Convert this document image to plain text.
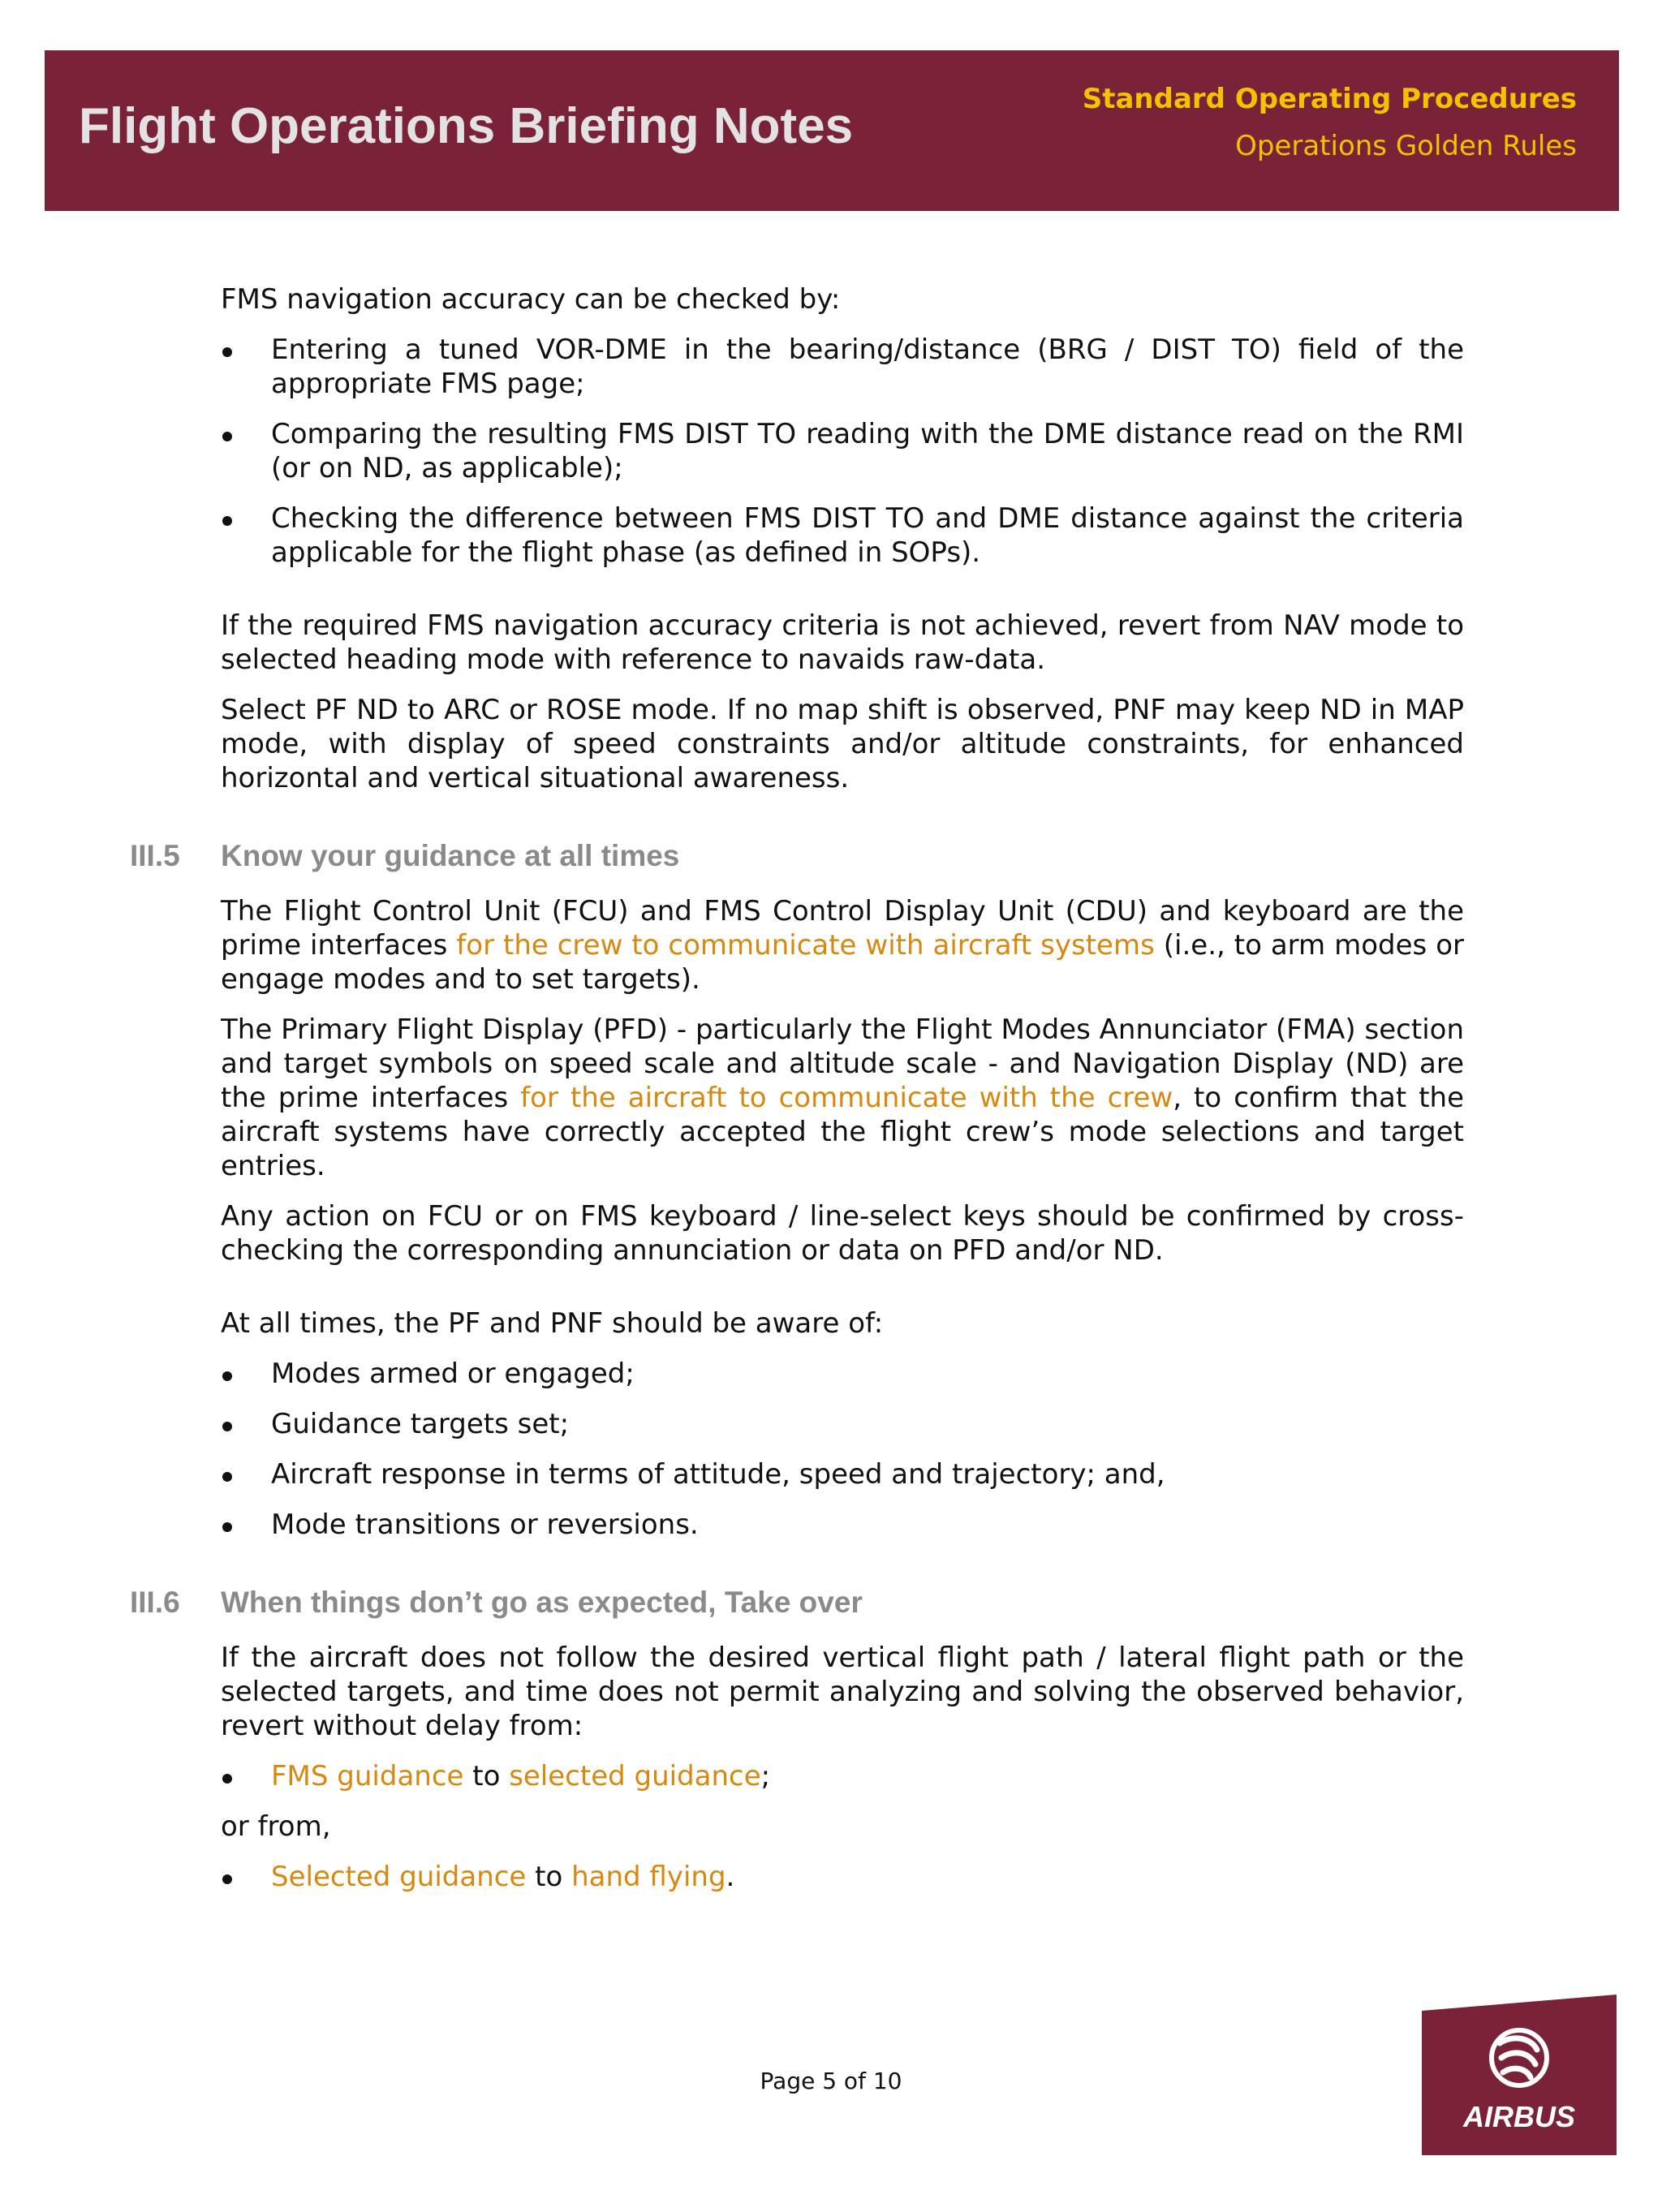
Flight Operations Briefing Notes	Standard Operating Procedures
Operations Golden Rules

FMS navigation accuracy can be checked by:

Entering a tuned VOR-DME in the bearing/distance (BRG / DIST TO) field of the appropriate FMS page;
Comparing the resulting FMS DIST TO reading with the DME distance read on the RMI (or on ND, as applicable);
Checking the difference between FMS DIST TO and DME distance against the criteria applicable for the flight phase (as defined in SOPs).

If the required FMS navigation accuracy criteria is not achieved, revert from NAV mode to selected heading mode with reference to navaids raw-data.

Select PF ND to ARC or ROSE mode. If no map shift is observed, PNF may keep ND in MAP mode, with display of speed constraints and/or altitude constraints, for enhanced horizontal and vertical situational awareness.

III.5 Know your guidance at all times

The Flight Control Unit (FCU) and FMS Control Display Unit (CDU) and keyboard are the prime interfaces for the crew to communicate with aircraft systems (i.e., to arm modes or engage modes and to set targets).

The Primary Flight Display (PFD) - particularly the Flight Modes Annunciator (FMA) section and target symbols on speed scale and altitude scale - and Navigation Display (ND) are the prime interfaces for the aircraft to communicate with the crew, to confirm that the aircraft systems have correctly accepted the flight crew’s mode selections and target entries.

Any action on FCU or on FMS keyboard / line-select keys should be confirmed by cross-checking the corresponding annunciation or data on PFD and/or ND.

At all times, the PF and PNF should be aware of:

Modes armed or engaged;
Guidance targets set;
Aircraft response in terms of attitude, speed and trajectory; and,
Mode transitions or reversions.
III.6 When things don’t go as expected, Take over

If the aircraft does not follow the desired vertical flight path / lateral flight path or the selected targets, and time does not permit analyzing and solving the observed behavior, revert without delay from:

FMS guidance to selected guidance;

or from,

Selected guidance to hand flying.
Page 5 of 10
AIRBUS
